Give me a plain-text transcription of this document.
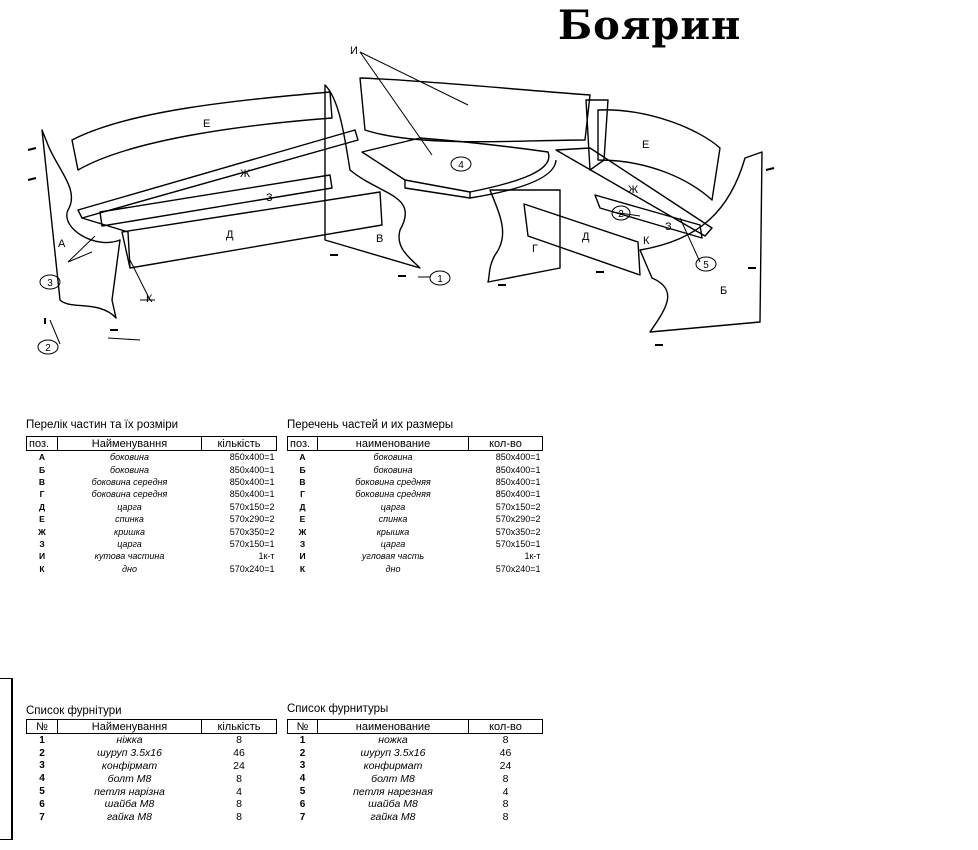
Боярин
Е
Ж
З
Д
А	В
К
И
Е
Ж
З
Д	К
Г
Б
1
2
2
3
4
5
Перелік частин та їх розміри
поз.	Найменування	кількість
А	боковина	850х400=1
Б	боковина	850х400=1
В	боковина середня	850х400=1
Г	боковина середня	850х400=1
Д	царга	570х150=2
Е	спинка	570х290=2
Ж	кришка	570х350=2
З	царга	570х150=1
И	кутова частина	1к-т
К	дно	570х240=1
Перечень частей и их размеры
поз.	наименование	кол-во
А	боковина	850х400=1
Б	боковина	850х400=1
В	боковина средняя	850х400=1
Г	боковина средняя	850х400=1
Д	царга	570х150=2
Е	спинка	570х290=2
Ж	крышка	570х350=2
З	царга	570х150=1
И	угловая часть	1к-т
К	дно	570х240=1
Список фурнітури
№	Найменування	кількість
1	ніжка	8
2	шуруп 3.5х16	46
3	конфірмат	24
4	болт М8	8
5	петля нарізна	4
6	шайба М8	8
7	гайка М8	8
Список фурнитуры
№	наименование	кол-во
1	ножка	8
2	шуруп 3.5х16	46
3	конфирмат	24
4	болт М8	8
5	петля нарезная	4
6	шайба М8	8
7	гайка М8	8
